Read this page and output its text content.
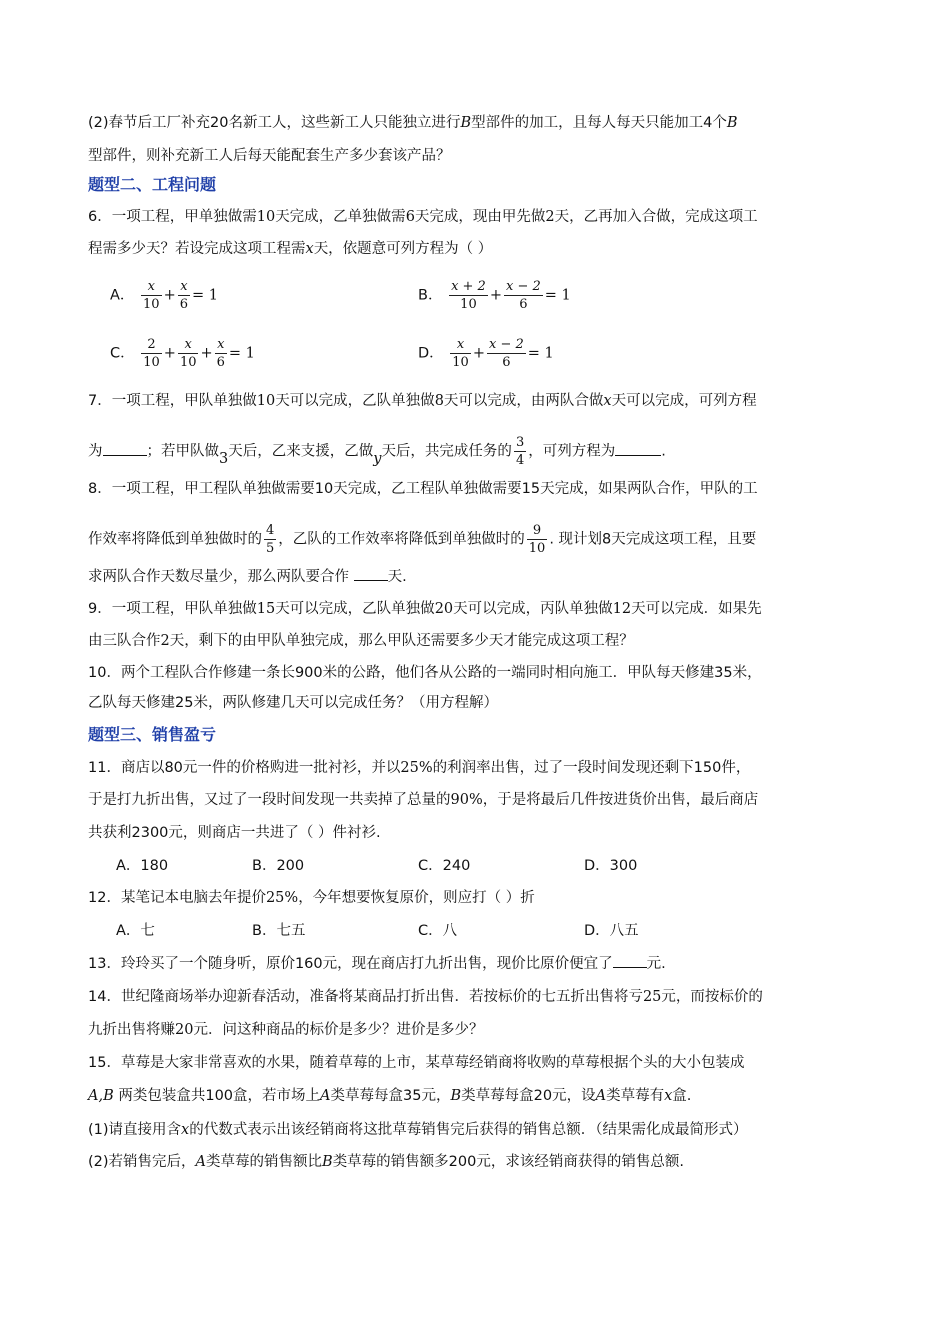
(2)春节后工厂补充20名新工人，这些新工人只能独立进行B型部件的加工，且每人每天只能加工4个B
型部件，则补充新工人后每天能配套生产多少套该产品？
题型二、工程问题
6．一项工程，甲单独做需10天完成，乙单独做需6天完成，现由甲先做2天，乙再加入合做，完成这项工
程需多少天？若设完成这项工程需x天，依题意可列方程为（ ）
A． $\frac{x}{10} + \frac{x}{6} = 1$	B． $\frac{x + 2}{10} + \frac{x - 2}{6} = 1$
C． $\frac{2}{10} + \frac{x}{10} + \frac{x}{6} = 1$	D． $\frac{x}{10} + \frac{x - 2}{6} = 1$
7．一项工程，甲队单独做10天可以完成，乙队单独做8天可以完成，由两队合做x天可以完成，可列方程
为	；若甲队做3天后，乙来支援，乙做y天后，共完成任务的 $\frac{3}{4}$ ，可列方程为	.
8．一项工程，甲工程队单独做需要10天完成，乙工程队单独做需要15天完成，如果两队合作，甲队的工
作效率将降低到单独做时的 $\frac{4}{5}$ ，乙队的工作效率将降低到单独做时的 $\frac{9}{10}$ . 现计划8天完成这项工程，且要
求两队合作天数尽量少，那么两队要合作	天.
9．一项工程，甲队单独做15天可以完成，乙队单独做20天可以完成，丙队单独做12天可以完成．如果先
由三队合作2天，剩下的由甲队单独完成，那么甲队还需要多少天才能完成这项工程？
10．两个工程队合作修建一条长900米的公路，他们各从公路的一端同时相向施工．甲队每天修建35米，
乙队每天修建25米，两队修建几天可以完成任务？（用方程解）
题型三、销售盈亏
11．商店以80元一件的价格购进一批衬衫，并以25%的利润率出售，过了一段时间发现还剩下150件，
于是打九折出售，又过了一段时间发现一共卖掉了总量的90%，于是将最后几件按进货价出售，最后商店
共获利2300元，则商店一共进了（ ）件衬衫.
A．180	B．200	C．240	D．300
12．某笔记本电脑去年提价25%，今年想要恢复原价，则应打（ ）折
A．七	B．七五	C．八	D．八五
13．玲玲买了一个随身听，原价160元，现在商店打九折出售，现价比原价便宜了 元.
14．世纪隆商场举办迎新春活动，准备将某商品打折出售．若按标价的七五折出售将亏25元，而按标价的
九折出售将赚20元．问这种商品的标价是多少？进价是多少？
15．草莓是大家非常喜欢的水果，随着草莓的上市，某草莓经销商将收购的草莓根据个头的大小包装成
A,B 两类包装盒共100盒，若市场上A类草莓每盒35元，B类草莓每盒20元，设A类草莓有x盒.
(1)请直接用含x的代数式表示出该经销商将这批草莓销售完后获得的销售总额．（结果需化成最简形式）
(2)若销售完后，A类草莓的销售额比B类草莓的销售额多200元，求该经销商获得的销售总额.
